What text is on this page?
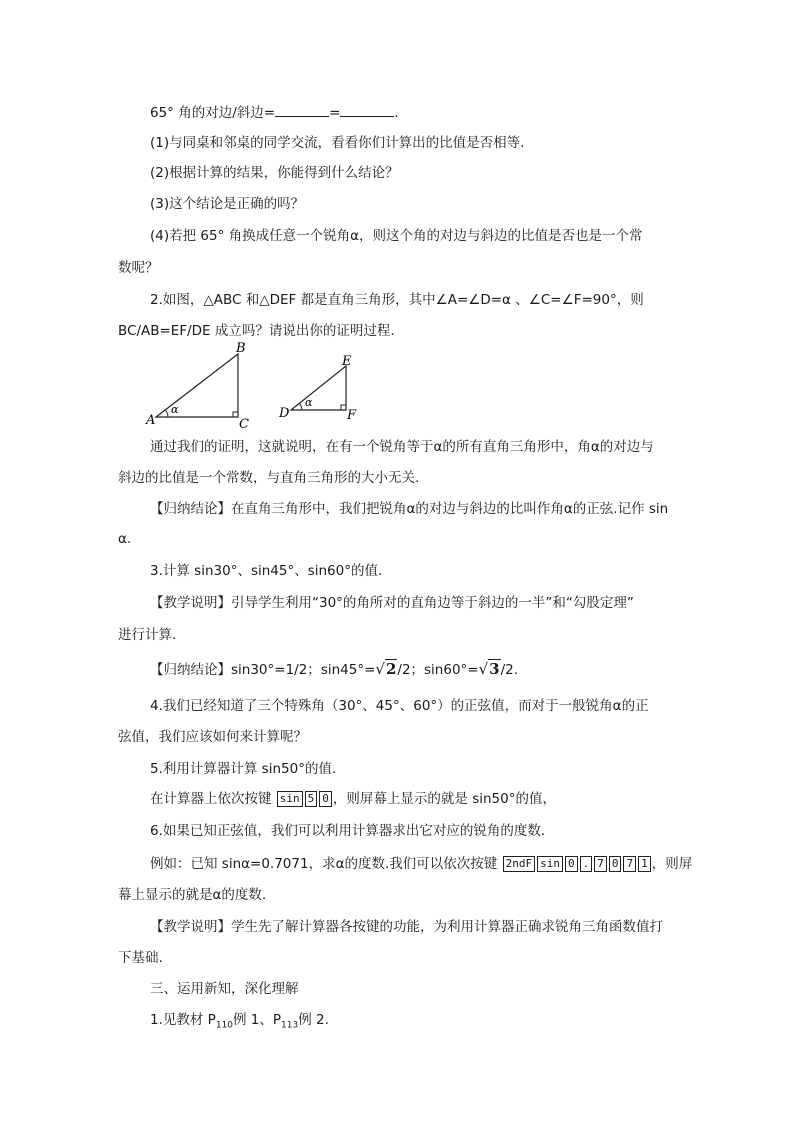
65° 角的对边/斜边=	=	.
(1)与同桌和邻桌的同学交流，看看你们计算出的比值是否相等.
(2)根据计算的结果，你能得到什么结论？
(3)这个结论是正确的吗？
(4)若把 65° 角换成任意一个锐角α，则这个角的对边与斜边的比值是否也是一个常
数呢？
2.如图，△ABC 和△DEF 都是直角三角形，其中∠A=∠D=α 、∠C=∠F=90°，则
BC/AB=EF/DE 成立吗？请说出你的证明过程.
A
B
C
α	D
E
F
α
通过我们的证明，这就说明，在有一个锐角等于α的所有直角三角形中，角α的对边与
斜边的比值是一个常数，与直角三角形的大小无关.
【归纳结论】在直角三角形中，我们把锐角α的对边与斜边的比叫作角α的正弦.记作 sin
α.
3.计算 sin30°、sin45°、sin60°的值.
【教学说明】引导学生利用“30°的角所对的直角边等于斜边的一半”和“勾股定理”
进行计算.
【归纳结论】sin30°=1/2；sin45°=√2/2；sin60°=√3/2.
4.我们已经知道了三个特殊角（30°、45°、60°）的正弦值，而对于一般锐角α的正
弦值，我们应该如何来计算呢？
5.利用计算器计算 sin50°的值.
在计算器上依次按键 sin 5 0 ，则屏幕上显示的就是 sin50°的值，
6.如果已知正弦值，我们可以利用计算器求出它对应的锐角的度数.
例如：已知 sinα=0.7071，求α的度数.我们可以依次按键 2ndF sin 0 . 7 0 7 1 ，则屏
幕上显示的就是α的度数.
【教学说明】学生先了解计算器各按键的功能，为利用计算器正确求锐角三角函数值打
下基础.
三、运用新知，深化理解
1.见教材 $P_{110}$例 1、$P_{113}$例 2.
